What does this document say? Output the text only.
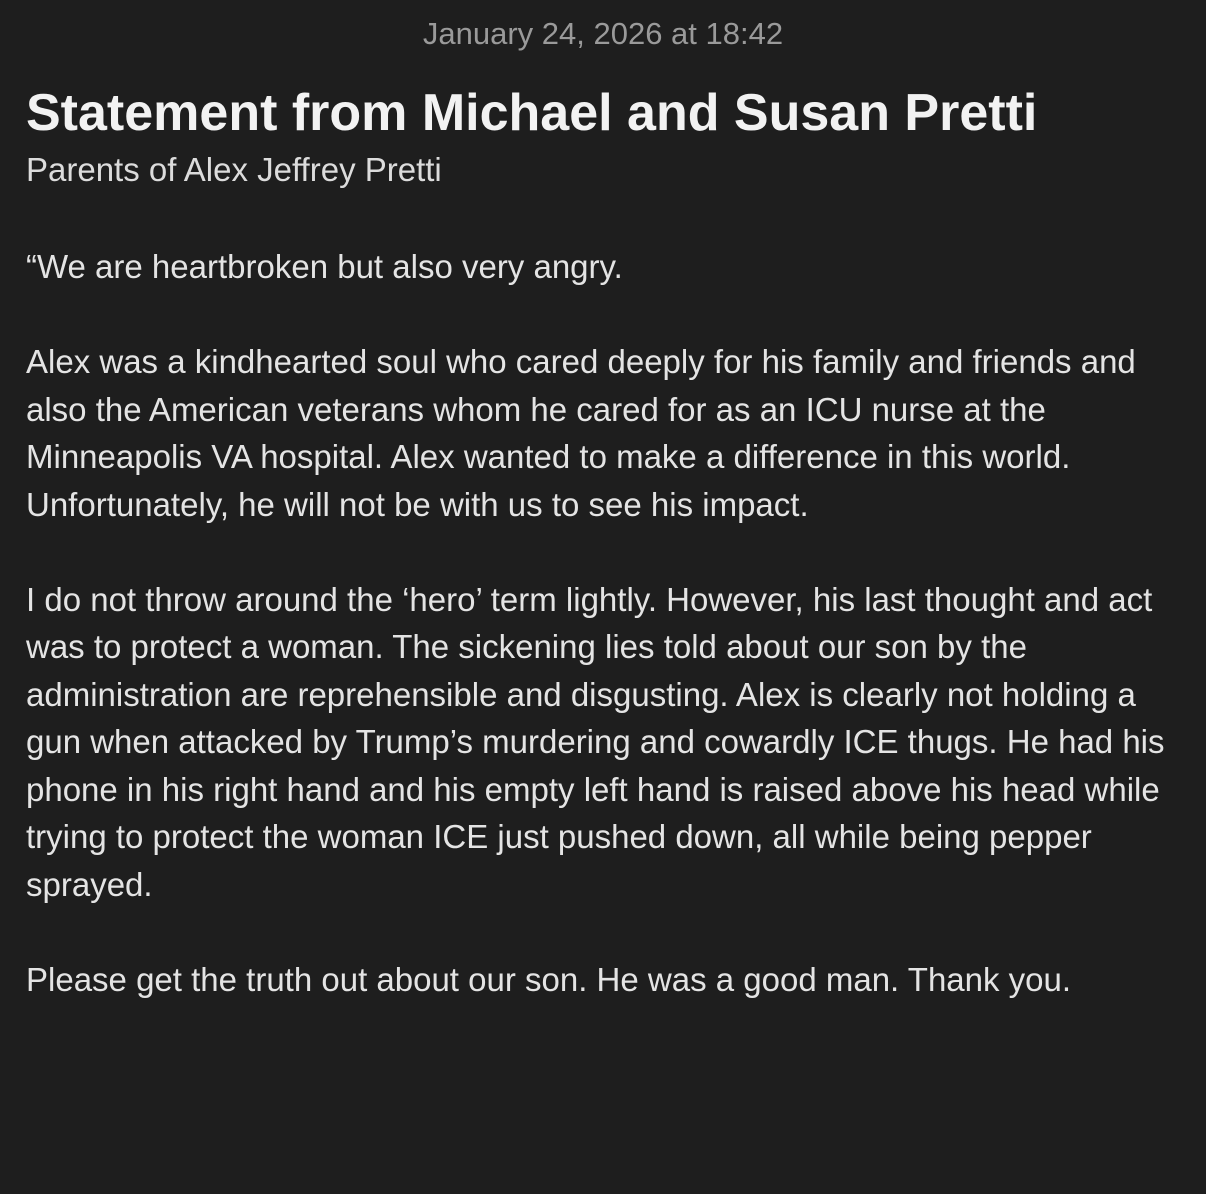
January 24, 2026 at 18:42
Statement from Michael and Susan Pretti
Parents of Alex Jeffrey Pretti

“We are heartbroken but also very angry.

Alex was a kindhearted soul who cared deeply for his family and friends and also the American veterans whom he cared for as an ICU nurse at the Minneapolis VA hospital. Alex wanted to make a difference in this world. Unfortunately, he will not be with us to see his impact.

I do not throw around the ‘hero’ term lightly. However, his last thought and act was to protect a woman. The sickening lies told about our son by the administration are reprehensible and disgusting. Alex is clearly not holding a gun when attacked by Trump’s murdering and cowardly ICE thugs. He had his phone in his right hand and his empty left hand is raised above his head while trying to protect the woman ICE just pushed down, all while being pepper sprayed.

Please get the truth out about our son. He was a good man. Thank you.
